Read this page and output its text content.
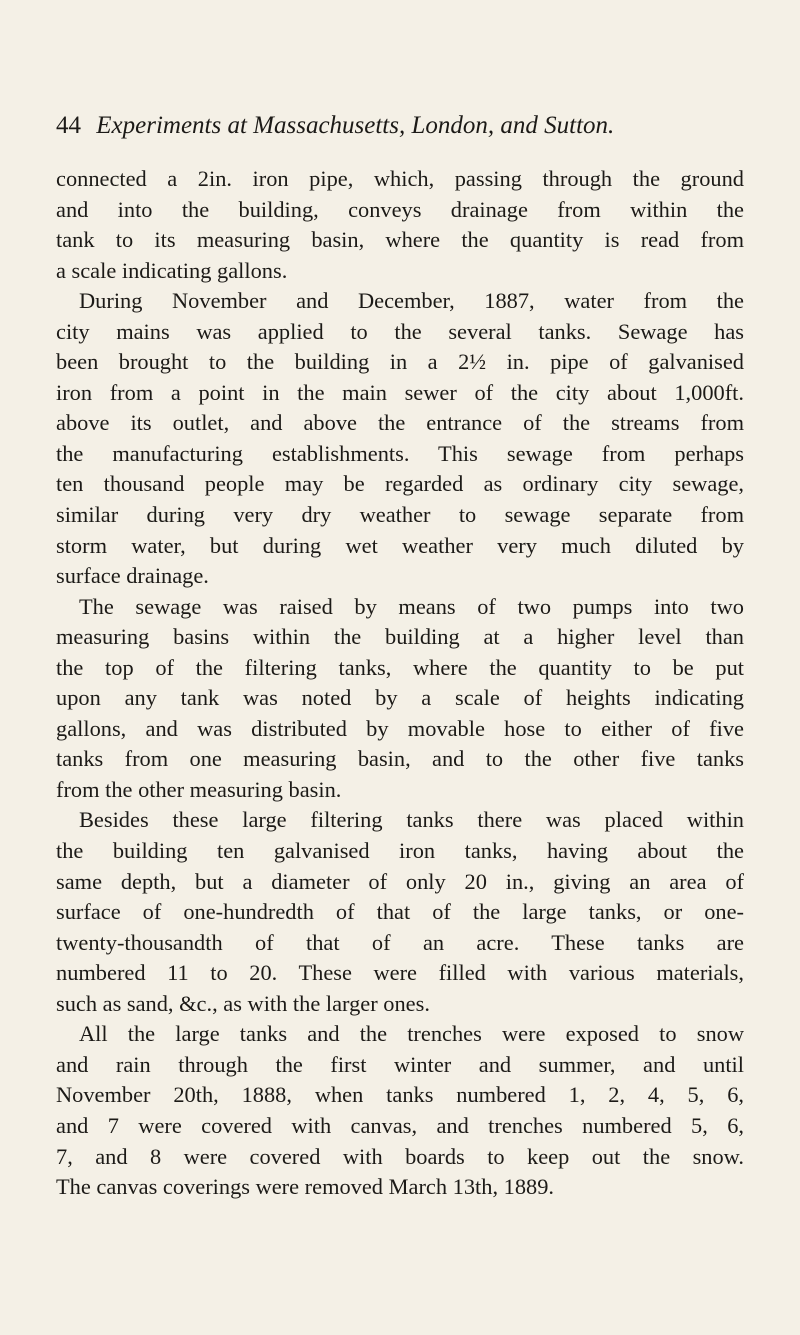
44 Experiments at Massachusetts, London, and Sutton.
connected a 2in. iron pipe, which, passing through the ground
and into the building, conveys drainage from within the
tank to its measuring basin, where the quantity is read from
a scale indicating gallons.
During November and December, 1887, water from the
city mains was applied to the several tanks. Sewage has
been brought to the building in a 2½ in. pipe of galvanised
iron from a point in the main sewer of the city about 1,000ft.
above its outlet, and above the entrance of the streams from
the manufacturing establishments. This sewage from perhaps
ten thousand people may be regarded as ordinary city sewage,
similar during very dry weather to sewage separate from
storm water, but during wet weather very much diluted by
surface drainage.
The sewage was raised by means of two pumps into two
measuring basins within the building at a higher level than
the top of the filtering tanks, where the quantity to be put
upon any tank was noted by a scale of heights indicating
gallons, and was distributed by movable hose to either of five
tanks from one measuring basin, and to the other five tanks
from the other measuring basin.
Besides these large filtering tanks there was placed within
the building ten galvanised iron tanks, having about the
same depth, but a diameter of only 20 in., giving an area of
surface of one-hundredth of that of the large tanks, or one-
twenty-thousandth of that of an acre. These tanks are
numbered 11 to 20. These were filled with various materials,
such as sand, &c., as with the larger ones.
All the large tanks and the trenches were exposed to snow
and rain through the first winter and summer, and until
November 20th, 1888, when tanks numbered 1, 2, 4, 5, 6,
and 7 were covered with canvas, and trenches numbered 5, 6,
7, and 8 were covered with boards to keep out the snow.
The canvas coverings were removed March 13th, 1889.
